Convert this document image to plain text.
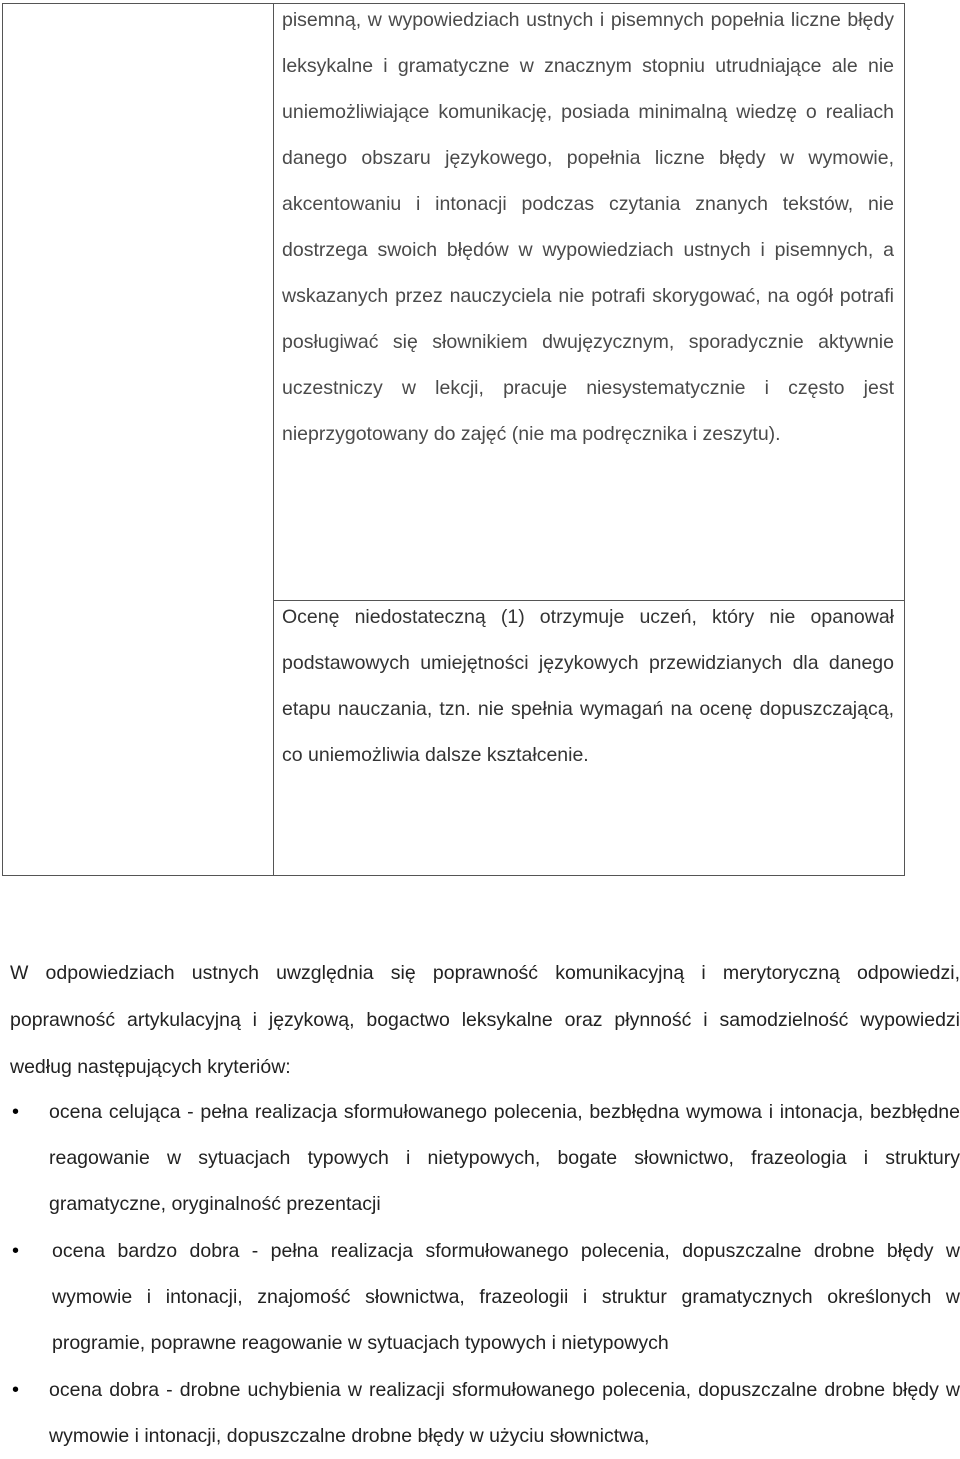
pisemną, w wypowiedziach ustnych i pisemnych popełnia liczne błędy leksykalne i gramatyczne w znacznym stopniu utrudniające ale nie uniemożliwiające komunikację, posiada minimalną wiedzę o realiach danego obszaru językowego, popełnia liczne błędy w wymowie, akcentowaniu i intonacji podczas czytania znanych tekstów, nie dostrzega swoich błędów w wypowiedziach ustnych i pisemnych, a wskazanych przez nauczyciela nie potrafi skorygować, na ogół potrafi posługiwać się słownikiem dwujęzycznym, sporadycznie aktywnie uczestniczy w lekcji, pracuje niesystematycznie i często jest nieprzygotowany do zajęć (nie ma podręcznika i zeszytu).

Ocenę niedostateczną (1) otrzymuje uczeń, który nie opanował podstawowych umiejętności językowych przewidzianych dla danego etapu nauczania, tzn. nie spełnia wymagań na ocenę dopuszczającą, co uniemożliwia dalsze kształcenie.

W odpowiedziach ustnych uwzględnia się poprawność komunikacyjną i merytoryczną odpowiedzi, poprawność artykulacyjną i językową, bogactwo leksykalne oraz płynność i samodzielność wypowiedzi według następujących kryteriów:

• ocena celująca - pełna realizacja sformułowanego polecenia, bezbłędna wymowa i intonacja, bezbłędne reagowanie w sytuacjach typowych i nietypowych, bogate słownictwo, frazeologia i struktury gramatyczne, oryginalność prezentacji

• ocena bardzo dobra - pełna realizacja sformułowanego polecenia, dopuszczalne drobne błędy w wymowie i intonacji, znajomość słownictwa, frazeologii i struktur gramatycznych określonych w programie, poprawne reagowanie w sytuacjach typowych i nietypowych

• ocena dobra - drobne uchybienia w realizacji sformułowanego polecenia, dopuszczalne drobne błędy w wymowie i intonacji, dopuszczalne drobne błędy w użyciu słownictwa,
